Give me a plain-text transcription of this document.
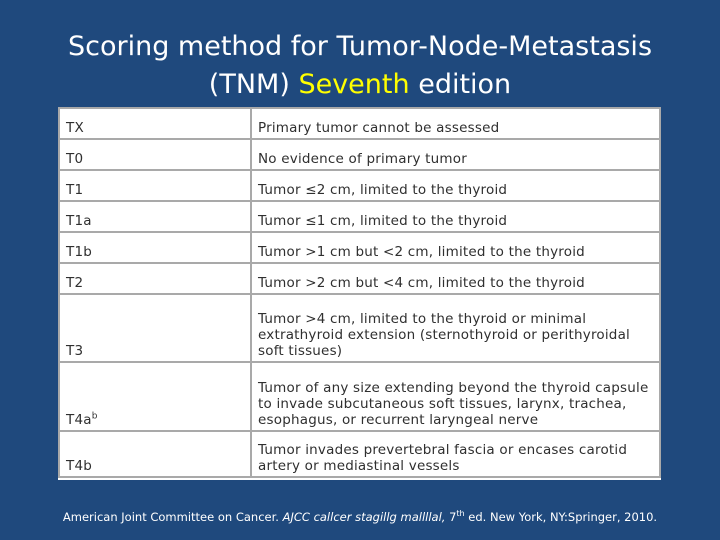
Scoring method for Tumor-Node-Metastasis
(TNM) Seventh edition
TX	Primary tumor cannot be assessed
T0	No evidence of primary tumor
T1	Tumor ≤2 cm, limited to the thyroid
T1a	Tumor ≤1 cm, limited to the thyroid
T1b	Tumor >1 cm but <2 cm, limited to the thyroid
T2	Tumor >2 cm but <4 cm, limited to the thyroid
T3	Tumor >4 cm, limited to the thyroid or minimal extrathyroid extension (sternothyroid or perithyroidal soft tissues)
$T4a^b$	Tumor of any size extending beyond the thyroid capsule to invade subcutaneous soft tissues, larynx, trachea, esophagus, or recurrent laryngeal nerve
T4b	Tumor invades prevertebral fascia or encases carotid artery or mediastinal vessels
American Joint Committee on Cancer. AJCC callcer stagillg mallllal, 7th ed. New York, NY:Springer, 2010.
